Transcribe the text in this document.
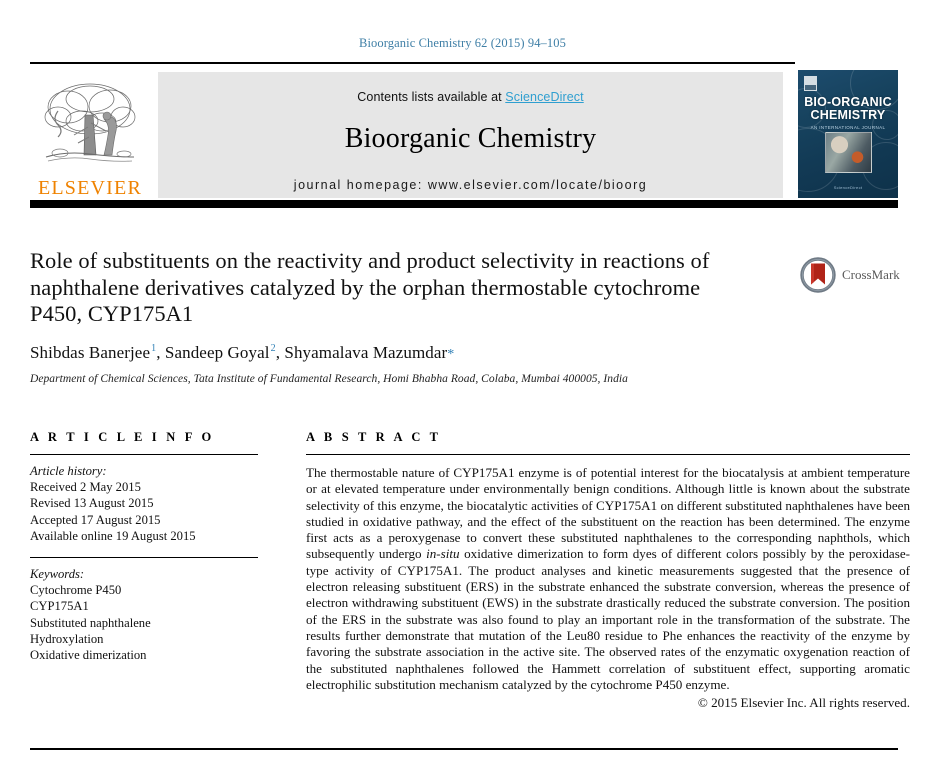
Bioorganic Chemistry 62 (2015) 94–105
ELSEVIER
Contents lists available at ScienceDirect
Bioorganic Chemistry
journal homepage: www.elsevier.com/locate/bioorg
BIO-ORGANIC
CHEMISTRY
AN INTERNATIONAL JOURNAL
ScienceDirect
Role of substituents on the reactivity and product selectivity in reactions of naphthalene derivatives catalyzed by the orphan thermostable cytochrome P450, CYP175A1
Shibdas Banerjee$^1$, Sandeep Goyal$^2$, Shyamalava Mazumdar*
Department of Chemical Sciences, Tata Institute of Fundamental Research, Homi Bhabha Road, Colaba, Mumbai 400005, India
CrossMark
A R T I C L E I N F O
Article history:
Received 2 May 2015
Revised 13 August 2015
Accepted 17 August 2015
Available online 19 August 2015
Keywords:
Cytochrome P450
CYP175A1
Substituted naphthalene
Hydroxylation
Oxidative dimerization
A B S T R A C T
The thermostable nature of CYP175A1 enzyme is of potential interest for the biocatalysis at ambient temperature or at elevated temperature under environmentally benign conditions. Although little is known about the substrate selectivity of this enzyme, the biocatalytic activities of CYP175A1 on different substituted naphthalenes have been studied in oxidative pathway, and the effect of the substituent on the reaction has been determined. The enzyme first acts as a peroxygenase to convert these substituted naphthalenes to the corresponding naphthols, which subsequently undergo in-situ oxidative dimerization to form dyes of different colors possibly by the peroxidase-type activity of CYP175A1. The product analyses and kinetic measurements suggested that the presence of electron releasing substituent (ERS) in the substrate enhanced the substrate conversion, whereas the presence of electron withdrawing substituent (EWS) in the substrate drastically reduced the substrate conversion. The position of the ERS in the substrate was also found to play an important role in the transformation of the substrate. The results further demonstrate that mutation of the Leu80 residue to Phe enhances the reactivity of the enzyme by favoring the substrate association in the active site. The observed rates of the enzymatic oxygenation reaction of the substituted naphthalenes followed the Hammett correlation of substituent effect, supporting aromatic electrophilic substitution mechanism catalyzed by the cytochrome P450 enzyme.
© 2015 Elsevier Inc. All rights reserved.
